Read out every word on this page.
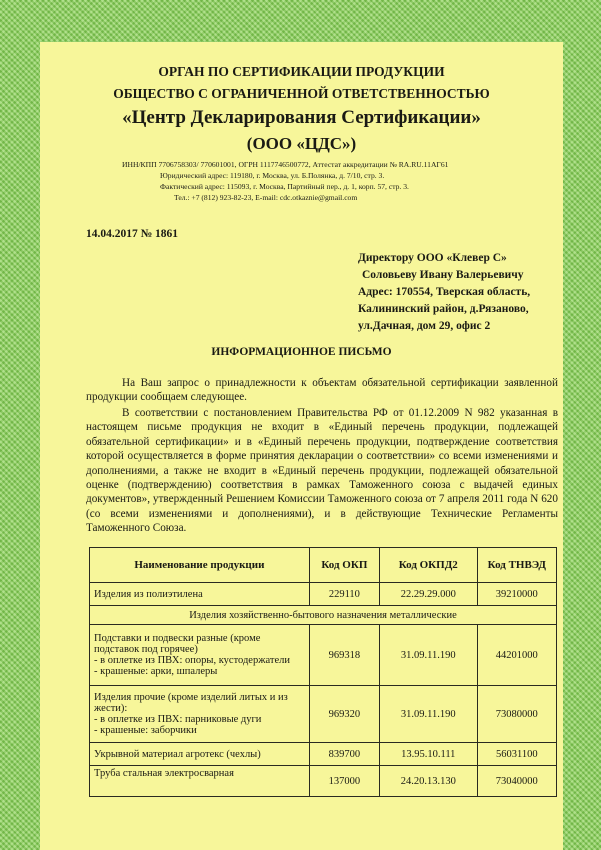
ОРГАН ПО СЕРТИФИКАЦИИ ПРОДУКЦИИ
ОБЩЕСТВО С ОГРАНИЧЕННОЙ ОТВЕТСТВЕННОСТЬЮ
«Центр Декларирования Сертификации»
(ООО «ЦДС»)
ИНН/КПП 7706758303/ 770601001, ОГРН 1117746500772, Аттестат аккредитации № RA.RU.11АГ61
Юридический адрес: 119180, г. Москва, ул. Б.Полянка, д. 7/10, стр. 3.
Фактический адрес: 115093, г. Москва, Партийный пер., д. 1, корп. 57, стр. 3.
Тел.: +7 (812) 923-82-23, E-mail: cdc.otkaznie@gmail.com
14.04.2017 № 1861
Директору ООО «Клевер С»
Соловьеву Ивану Валерьевичу
Адрес: 170554, Тверская область,
Калининский район, д.Рязаново,
ул.Дачная, дом 29, офис 2
ИНФОРМАЦИОННОЕ ПИСЬМО

На Ваш запрос о принадлежности к объектам обязательной сертификации заявленной продукции сообщаем следующее.

В соответствии с постановлением Правительства РФ от 01.12.2009 N 982 указанная в настоящем письме продукция не входит в «Единый перечень продукции, подлежащей обязательной сертификации» и в «Единый перечень продукции, подтверждение соответствия которой осуществляется в форме принятия декларации о соответствии» со всеми изменениями и дополнениями, а также не входит в «Единый перечень продукции, подлежащей обязательной оценке (подтверждению) соответствия в рамках Таможенного союза с выдачей единых документов», утвержденный Решением Комиссии Таможенного союза от 7 апреля 2011 года N 620 (со всеми изменениями и дополнениями), и в действующие Технические Регламенты Таможенного Союза.

Наименование продукции	Код ОКП	Код ОКПД2	Код ТНВЭД
Изделия из полиэтилена	229110	22.29.29.000	39210000
Изделия хозяйственно-бытового назначения металлические			

Подставки и подвески разные (кроме подставок под горячее)
- в оплетке из ПВХ: опоры, кустодержатели
- крашеные: арки, шпалеры	969318	31.09.11.190	44201000

Изделия прочие (кроме изделий литых и из жести):
- в оплетке из ПВХ: парниковые дуги
- крашеные: заборчики	969320	31.09.11.190	73080000
Укрывной материал агротекс (чехлы)	839700	13.95.10.111	56031100
Труба стальная электросварная	137000	24.20.13.130	73040000
